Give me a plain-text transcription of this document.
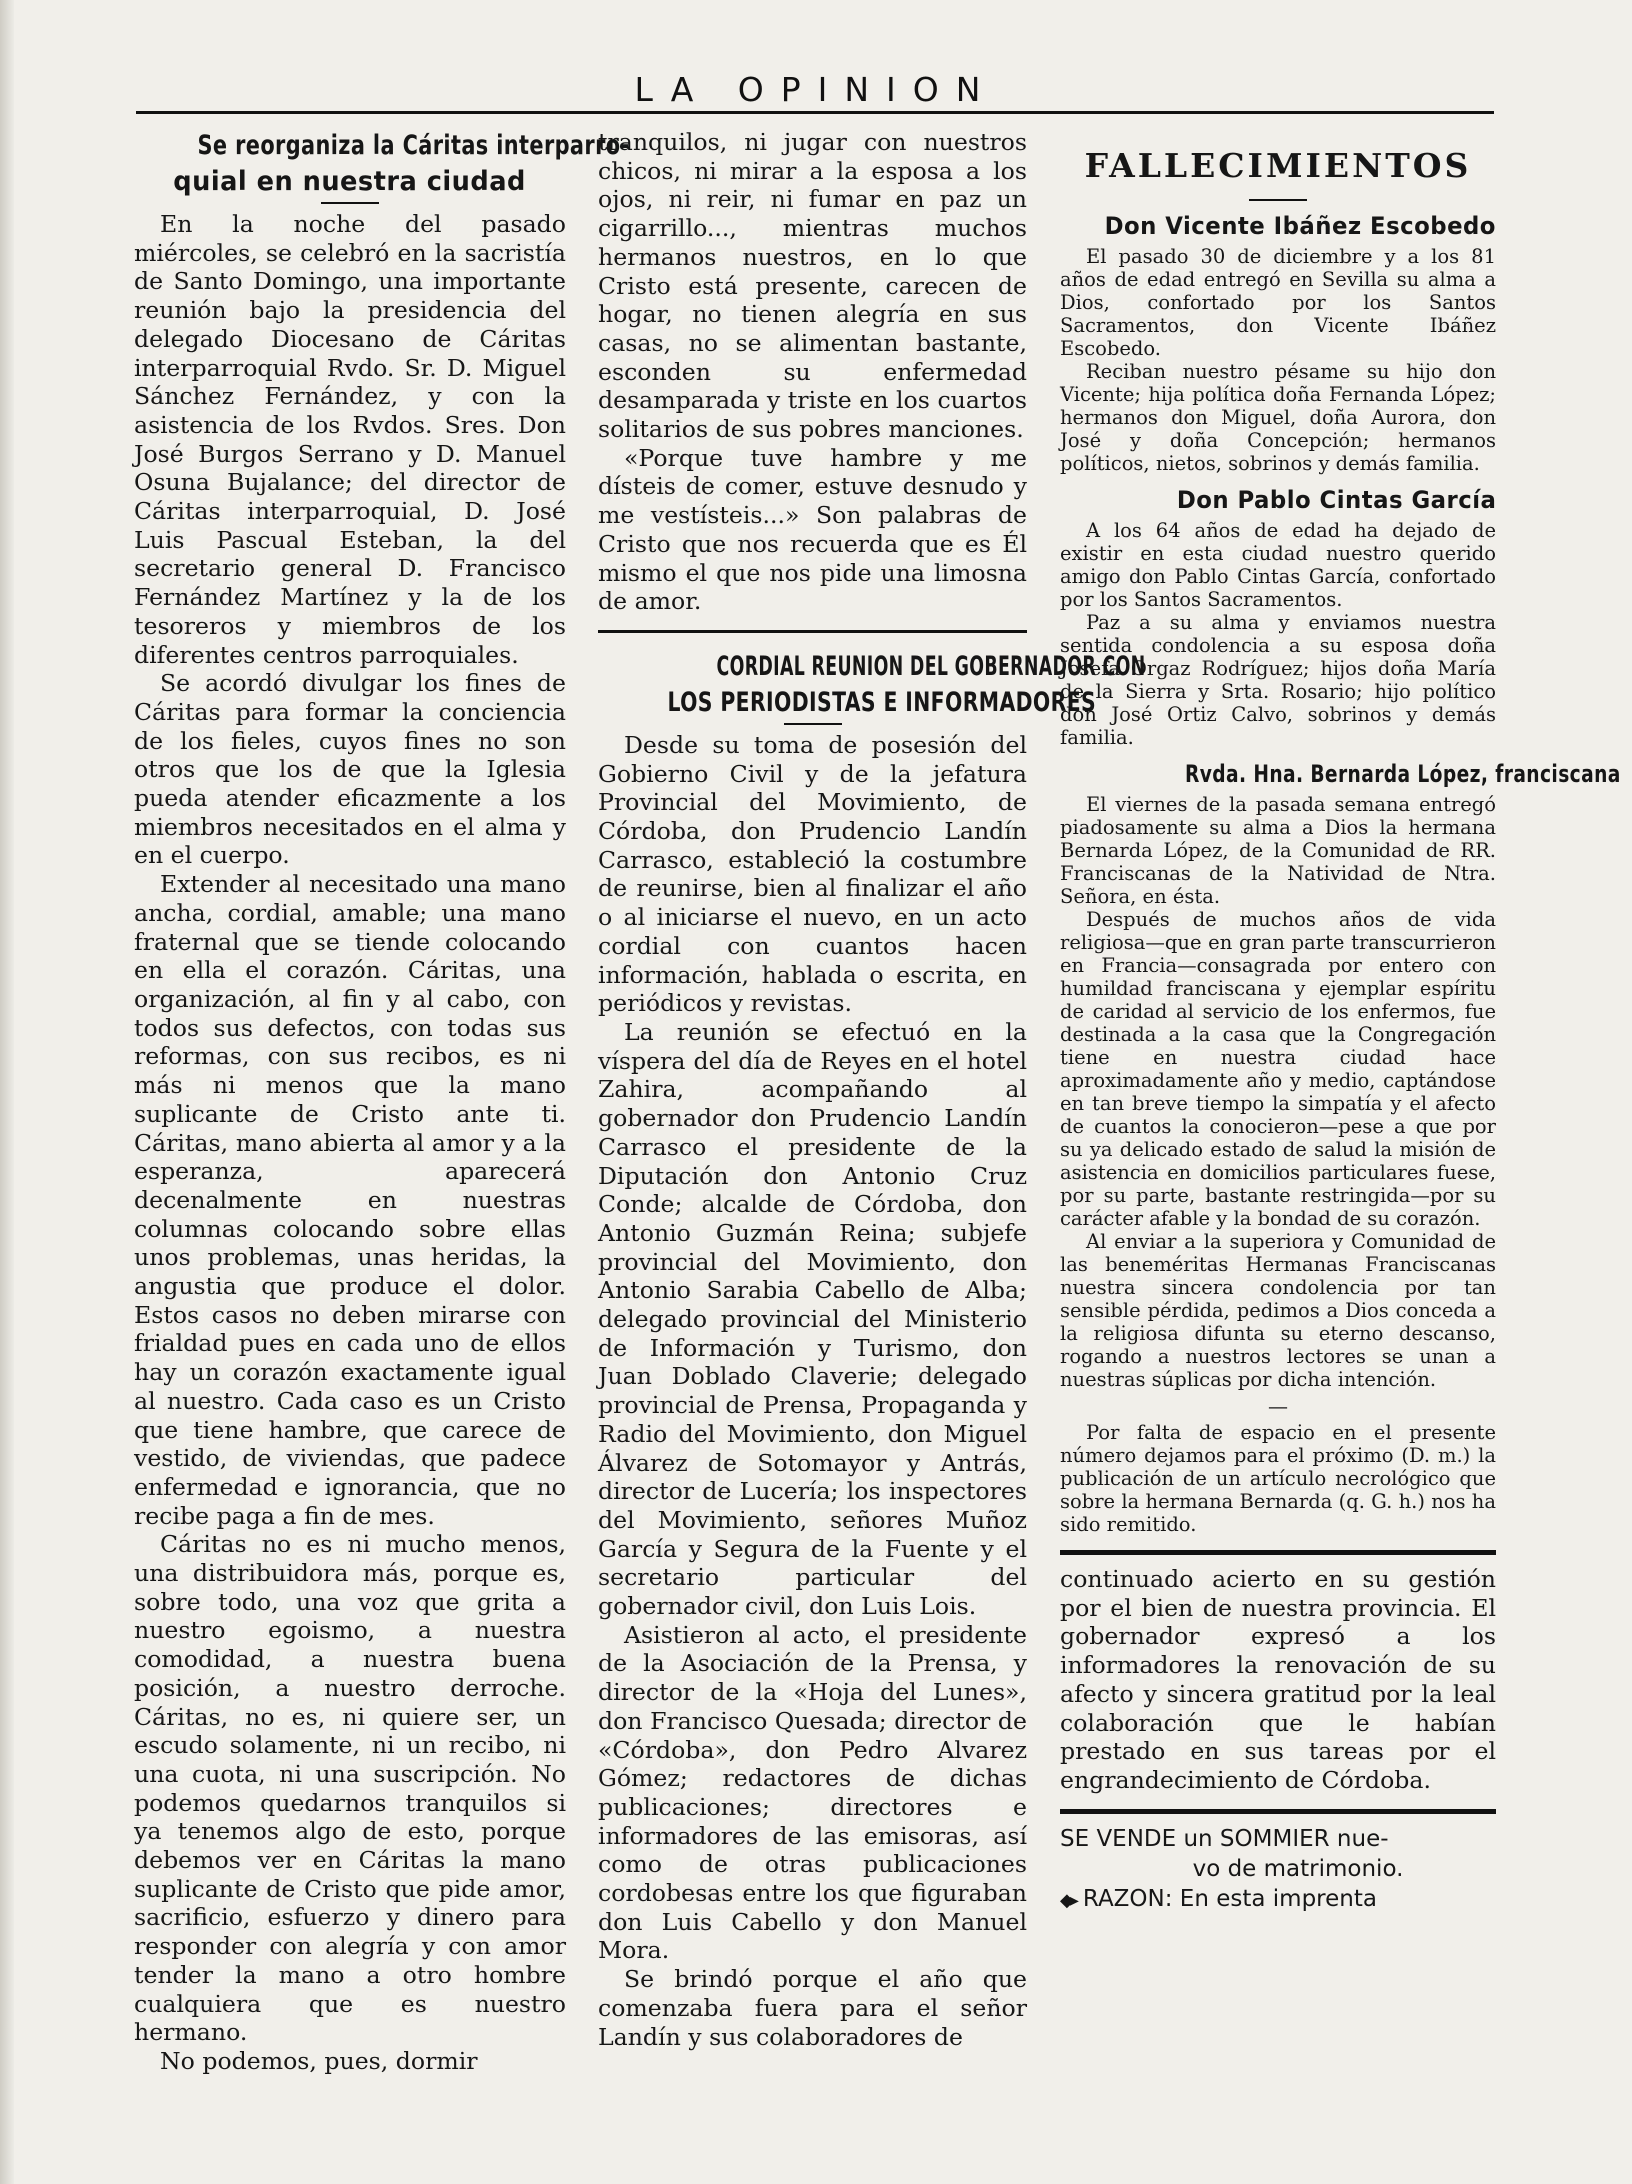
LA OPINION
Se reorganiza la Cáritas interparro-
quial en nuestra ciudad

En la noche del pasado miércoles, se celebró en la sacristía de Santo Domingo, una importante reunión bajo la presidencia del delegado Diocesano de Cáritas interparroquial Rvdo. Sr. D. Miguel Sánchez Fernández, y con la asistencia de los Rvdos. Sres. Don José Burgos Serrano y D. Manuel Osuna Bujalance; del director de Cáritas interparroquial, D. José Luis Pascual Esteban, la del secretario general D. Francisco Fernández Martínez y la de los tesoreros y miembros de los diferentes centros parroquiales.

Se acordó divulgar los fines de Cáritas para formar la conciencia de los fieles, cuyos fines no son otros que los de que la Iglesia pueda atender eficazmente a los miembros necesitados en el alma y en el cuerpo.

Extender al necesitado una mano ancha, cordial, amable; una mano fraternal que se tiende colocando en ella el corazón. Cáritas, una organización, al fin y al cabo, con todos sus defectos, con todas sus reformas, con sus recibos, es ni más ni menos que la mano suplicante de Cristo ante ti. Cáritas, mano abierta al amor y a la esperanza, aparecerá decenalmente en nuestras columnas colocando sobre ellas unos problemas, unas heridas, la angustia que produce el dolor. Estos casos no deben mirarse con frialdad pues en cada uno de ellos hay un corazón exactamente igual al nuestro. Cada caso es un Cristo que tiene hambre, que carece de vestido, de viviendas, que padece enfermedad e ignorancia, que no recibe paga a fin de mes.

Cáritas no es ni mucho menos, una distribuidora más, porque es, sobre todo, una voz que grita a nuestro egoismo, a nuestra comodidad, a nuestra buena posición, a nuestro derroche. Cáritas, no es, ni quiere ser, un escudo solamente, ni un recibo, ni una cuota, ni una suscripción. No podemos quedarnos tranquilos si ya tenemos algo de esto, porque debemos ver en Cáritas la mano suplicante de Cristo que pide amor, sacrificio, esfuerzo y dinero para responder con alegría y con amor tender la mano a otro hombre cualquiera que es nuestro hermano.

No podemos, pues, dormir

tranquilos, ni jugar con nuestros chicos, ni mirar a la esposa a los ojos, ni reir, ni fumar en paz un cigarrillo..., mientras muchos hermanos nuestros, en lo que Cristo está presente, carecen de hogar, no tienen alegría en sus casas, no se alimentan bastante, esconden su enfermedad desamparada y triste en los cuartos solitarios de sus pobres manciones.

«Porque tuve hambre y me dísteis de comer, estuve desnudo y me vestísteis...» Son palabras de Cristo que nos recuerda que es Él mismo el que nos pide una limosna de amor.

CORDIAL REUNION DEL GOBERNADOR CON
LOS PERIODISTAS E INFORMADORES

Desde su toma de posesión del Gobierno Civil y de la jefatura Provincial del Movimiento, de Córdoba, don Prudencio Landín Carrasco, estableció la costumbre de reunirse, bien al finalizar el año o al iniciarse el nuevo, en un acto cordial con cuantos hacen información, hablada o escrita, en periódicos y revistas.

La reunión se efectuó en la víspera del día de Reyes en el hotel Zahira, acompañando al gobernador don Prudencio Landín Carrasco el presidente de la Diputación don Antonio Cruz Conde; alcalde de Córdoba, don Antonio Guzmán Reina; subjefe provincial del Movimiento, don Antonio Sarabia Cabello de Alba; delegado provincial del Ministerio de Información y Turismo, don Juan Doblado Claverie; delegado provincial de Prensa, Propaganda y Radio del Movimiento, don Miguel Álvarez de Sotomayor y Antrás, director de Lucería; los inspectores del Movimiento, señores Muñoz García y Segura de la Fuente y el secretario particular del gobernador civil, don Luis Lois.

Asistieron al acto, el presidente de la Asociación de la Prensa, y director de la «Hoja del Lunes», don Francisco Quesada; director de «Córdoba», don Pedro Alvarez Gómez; redactores de dichas publicaciones; directores e informadores de las emisoras, así como de otras publicaciones cordobesas entre los que figuraban don Luis Cabello y don Manuel Mora.

Se brindó porque el año que comenzaba fuera para el señor Landín y sus colaboradores de

FALLECIMIENTOS
Don Vicente Ibáñez Escobedo

El pasado 30 de diciembre y a los 81 años de edad entregó en Sevilla su alma a Dios, confortado por los Santos Sacramentos, don Vicente Ibáñez Escobedo.

Reciban nuestro pésame su hijo don Vicente; hija política doña Fernanda López; hermanos don Miguel, doña Aurora, don José y doña Concepción; hermanos políticos, nietos, sobrinos y demás familia.

Don Pablo Cintas García

A los 64 años de edad ha dejado de existir en esta ciudad nuestro querido amigo don Pablo Cintas García, confortado por los Santos Sacramentos.

Paz a su alma y enviamos nuestra sentida condolencia a su esposa doña Josefa Orgaz Rodríguez; hijos doña María de la Sierra y Srta. Rosario; hijo político don José Ortiz Calvo, sobrinos y demás familia.

Rvda. Hna. Bernarda López, franciscana

El viernes de la pasada semana entregó piadosamente su alma a Dios la hermana Bernarda López, de la Comunidad de RR. Franciscanas de la Natividad de Ntra. Señora, en ésta.

Después de muchos años de vida religiosa—que en gran parte transcurrieron en Francia—consagrada por entero con humildad franciscana y ejemplar espíritu de caridad al servicio de los enfermos, fue destinada a la casa que la Congregación tiene en nuestra ciudad hace aproximadamente año y medio, captándose en tan breve tiempo la simpatía y el afecto de cuantos la conocieron—pese a que por su ya delicado estado de salud la misión de asistencia en domicilios particulares fuese, por su parte, bastante restringida—por su carácter afable y la bondad de su corazón.

Al enviar a la superiora y Comunidad de las beneméritas Hermanas Franciscanas nuestra sincera condolencia por tan sensible pérdida, pedimos a Dios conceda a la religiosa difunta su eterno descanso, rogando a nuestros lectores se unan a nuestras súplicas por dicha intención.

—

Por falta de espacio en el presente número dejamos para el próximo (D. m.) la publicación de un artículo necrológico que sobre la hermana Bernarda (q. G. h.) nos ha sido remitido.

continuado acierto en su gestión por el bien de nuestra provincia. El gobernador expresó a los informadores la renovación de su afecto y sincera gratitud por la leal colaboración que le habían prestado en sus tareas por el engrandecimiento de Córdoba.

SE VENDE un SOMMIER nue-
vo de matrimonio.
◆▸ RAZON: En esta imprenta
